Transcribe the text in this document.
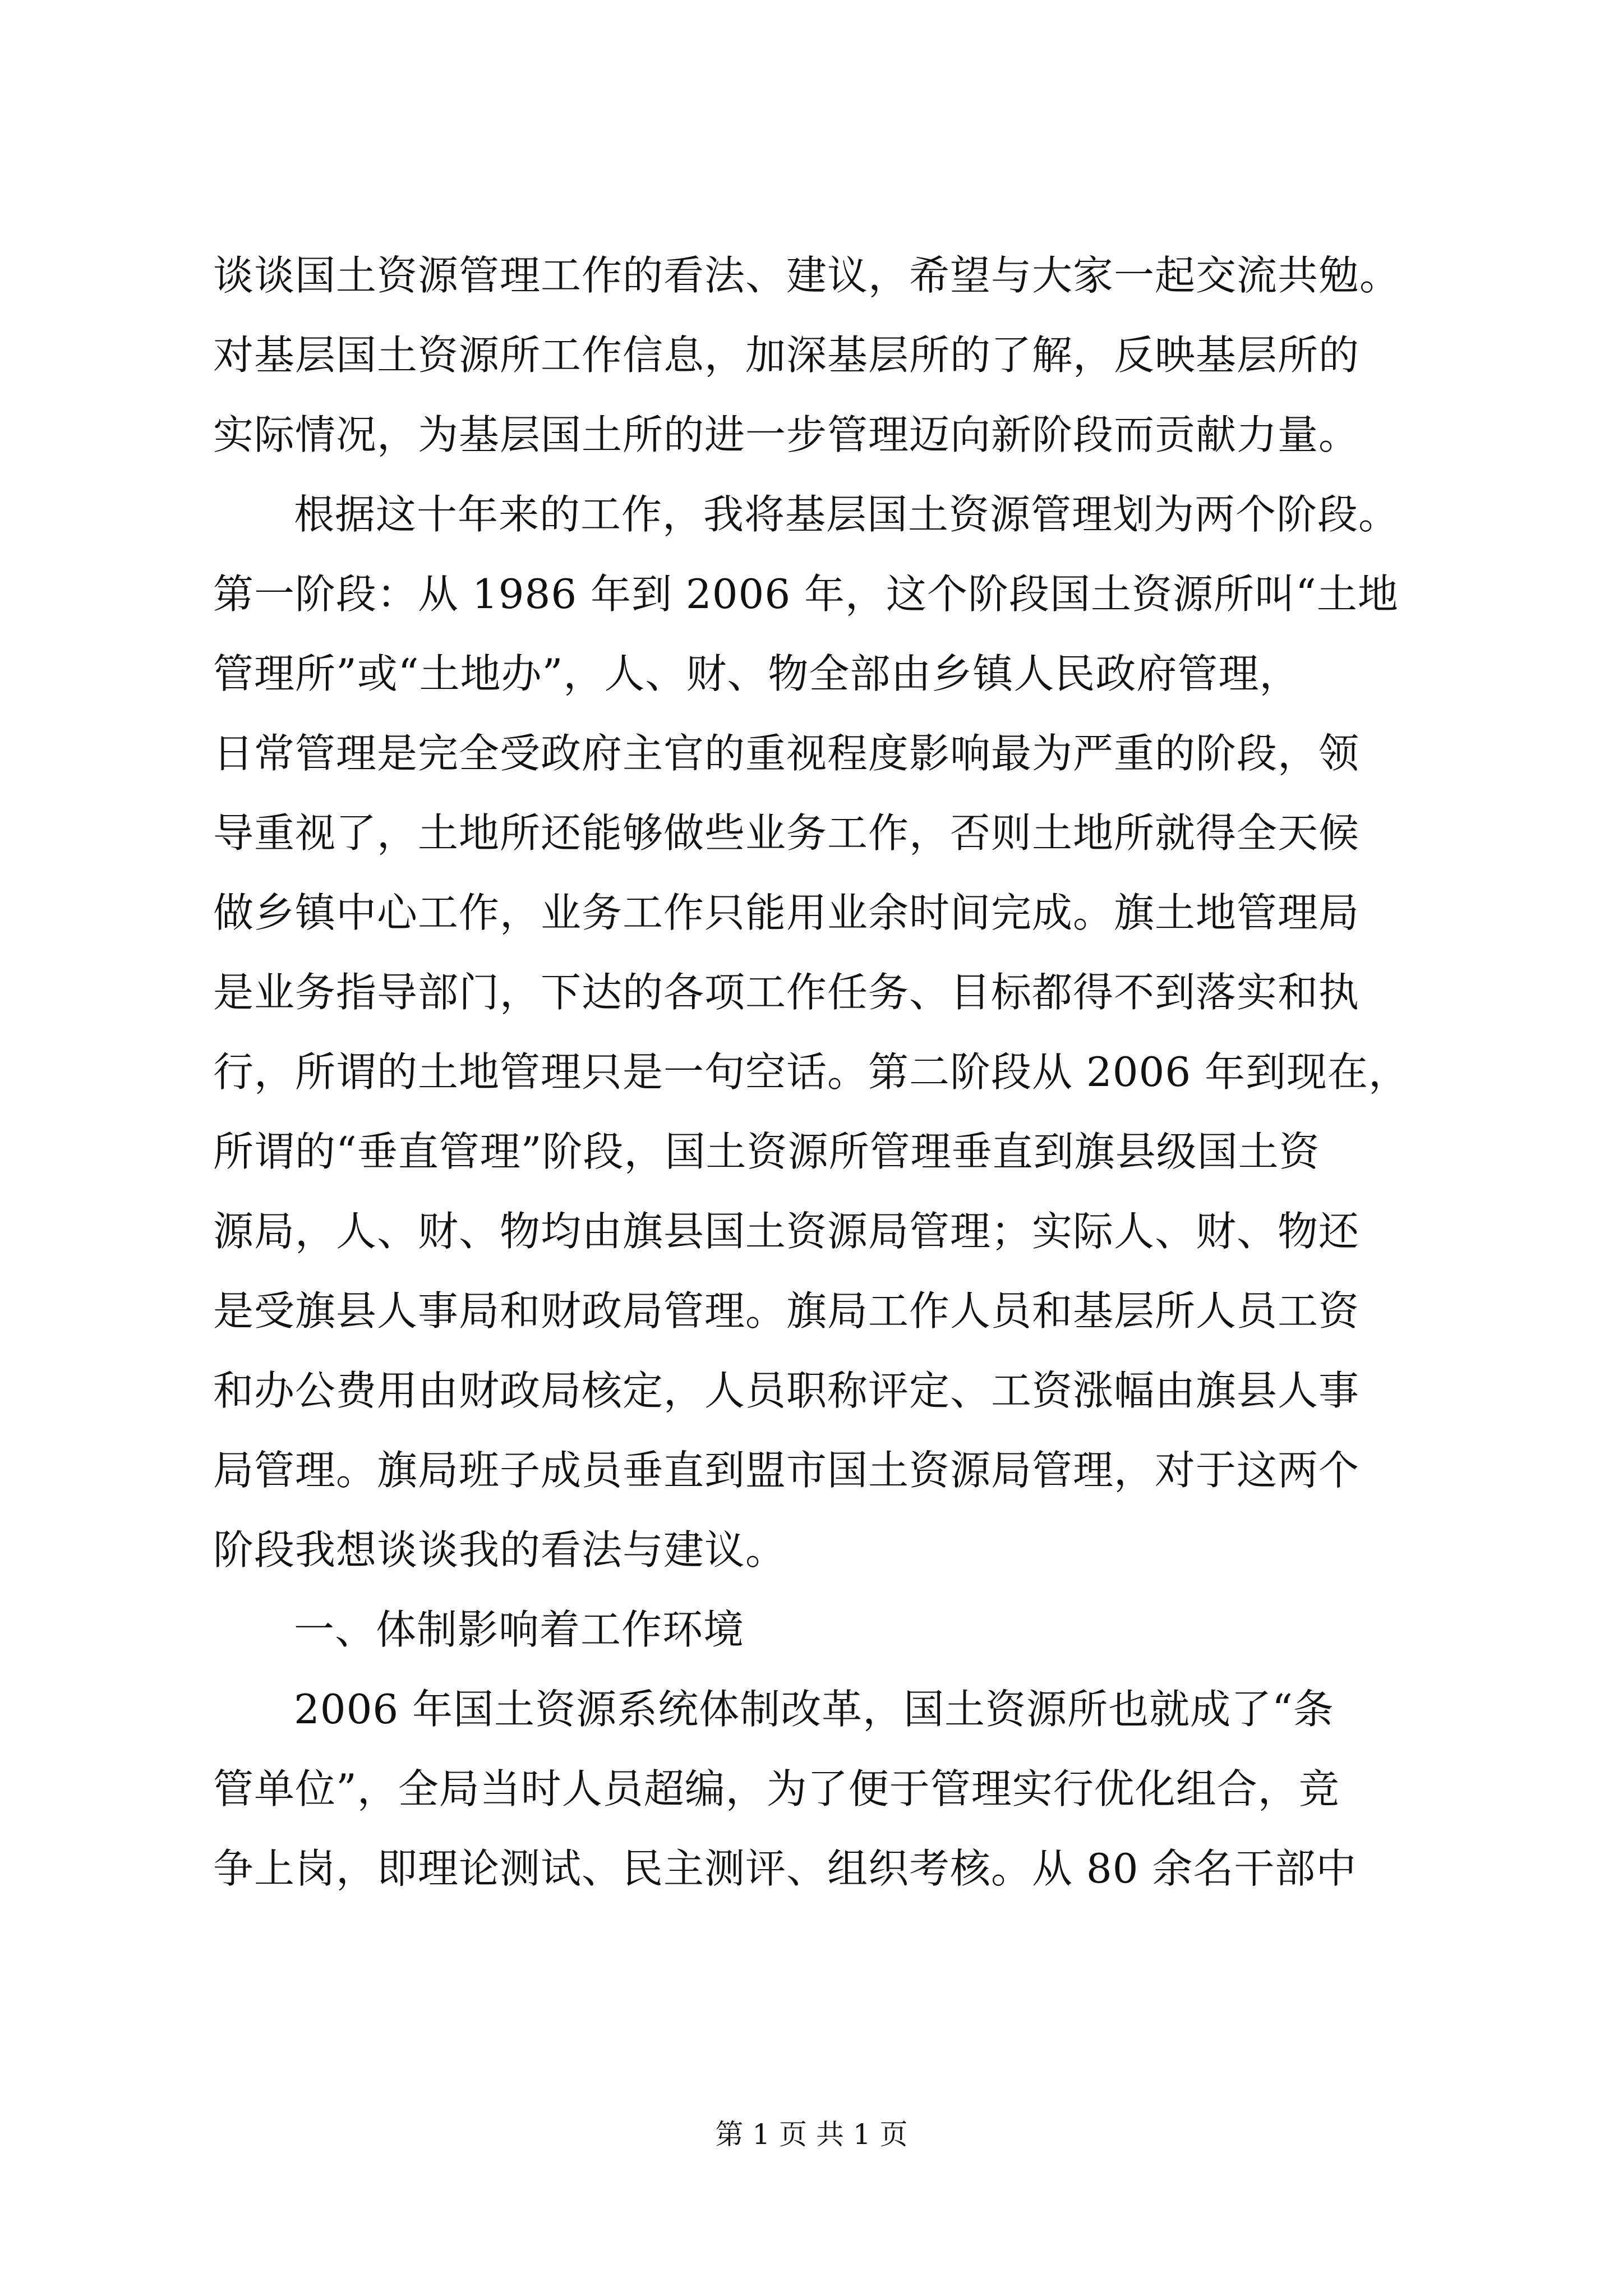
谈谈国土资源管理工作的看法、建议，希望与大家一起交流共勉。
对基层国土资源所工作信息，加深基层所的了解，反映基层所的
实际情况，为基层国土所的进一步管理迈向新阶段而贡献力量。
根据这十年来的工作，我将基层国土资源管理划为两个阶段。
第一阶段：从 1986 年到 2006 年，这个阶段国土资源所叫“土地
管理所”或“土地办”，人、财、物全部由乡镇人民政府管理，
日常管理是完全受政府主官的重视程度影响最为严重的阶段，领
导重视了，土地所还能够做些业务工作，否则土地所就得全天候
做乡镇中心工作，业务工作只能用业余时间完成。旗土地管理局
是业务指导部门，下达的各项工作任务、目标都得不到落实和执
行，所谓的土地管理只是一句空话。第二阶段从 2006 年到现在，
所谓的“垂直管理”阶段，国土资源所管理垂直到旗县级国土资
源局，人、财、物均由旗县国土资源局管理；实际人、财、物还
是受旗县人事局和财政局管理。旗局工作人员和基层所人员工资
和办公费用由财政局核定，人员职称评定、工资涨幅由旗县人事
局管理。旗局班子成员垂直到盟市国土资源局管理，对于这两个
阶段我想谈谈我的看法与建议。
一、体制影响着工作环境
2006 年国土资源系统体制改革，国土资源所也就成了“条
管单位”，全局当时人员超编，为了便于管理实行优化组合，竞
争上岗，即理论测试、民主测评、组织考核。从 80 余名干部中
第 1 页 共 1 页
